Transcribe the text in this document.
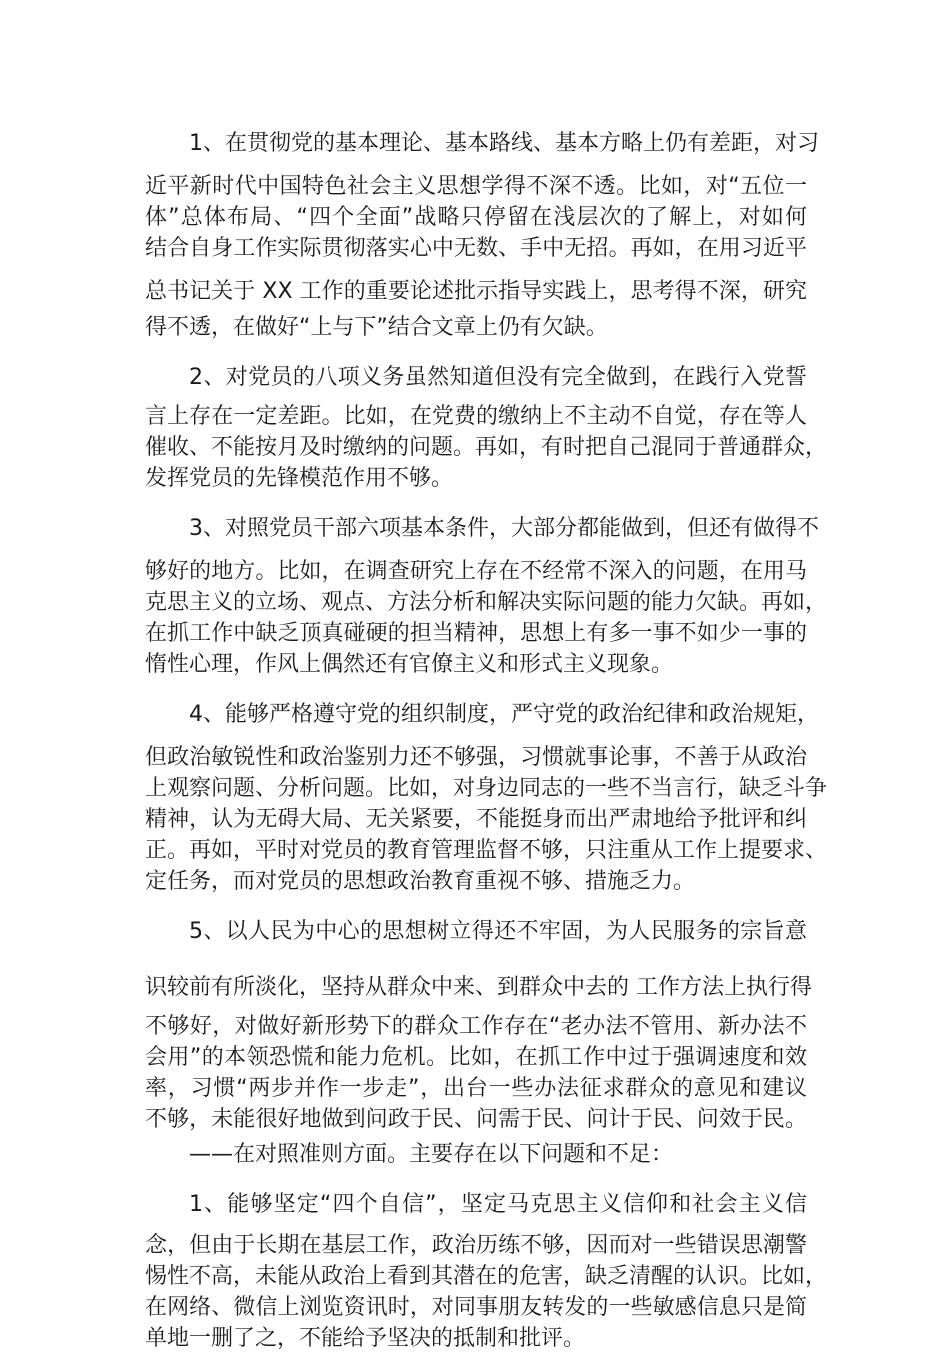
1、在贯彻党的基本理论、基本路线、基本方略上仍有差距，对习
近平新时代中国特色社会主义思想学得不深不透。比如，对“五位一
体”总体布局、“四个全面”战略只停留在浅层次的了解上，对如何
结合自身工作实际贯彻落实心中无数、手中无招。再如，在用习近平
总书记关于 XX 工作的重要论述批示指导实践上，思考得不深，研究
得不透，在做好“上与下”结合文章上仍有欠缺。
2、对党员的八项义务虽然知道但没有完全做到，在践行入党誓
言上存在一定差距。比如，在党费的缴纳上不主动不自觉，存在等人
催收、不能按月及时缴纳的问题。再如，有时把自己混同于普通群众，
发挥党员的先锋模范作用不够。
3、对照党员干部六项基本条件，大部分都能做到，但还有做得不
够好的地方。比如，在调查研究上存在不经常不深入的问题，在用马
克思主义的立场、观点、方法分析和解决实际问题的能力欠缺。再如，
在抓工作中缺乏顶真碰硬的担当精神，思想上有多一事不如少一事的
惰性心理，作风上偶然还有官僚主义和形式主义现象。
4、能够严格遵守党的组织制度，严守党的政治纪律和政治规矩，
但政治敏锐性和政治鉴别力还不够强，习惯就事论事，不善于从政治
上观察问题、分析问题。比如，对身边同志的一些不当言行，缺乏斗争
精神，认为无碍大局、无关紧要，不能挺身而出严肃地给予批评和纠
正。再如，平时对党员的教育管理监督不够，只注重从工作上提要求、
定任务，而对党员的思想政治教育重视不够、措施乏力。
5、以人民为中心的思想树立得还不牢固，为人民服务的宗旨意
识较前有所淡化，坚持从群众中来、到群众中去的 工作方法上执行得
不够好，对做好新形势下的群众工作存在“老办法不管用、新办法不
会用”的本领恐慌和能力危机。比如，在抓工作中过于强调速度和效
率，习惯“两步并作一步走”，出台一些办法征求群众的意见和建议
不够，未能很好地做到问政于民、问需于民、问计于民、问效于民。
——在对照准则方面。主要存在以下问题和不足：
1、能够坚定“四个自信”，坚定马克思主义信仰和社会主义信
念，但由于长期在基层工作，政治历练不够，因而对一些错误思潮警
惕性不高，未能从政治上看到其潜在的危害，缺乏清醒的认识。比如，
在网络、微信上浏览资讯时，对同事朋友转发的一些敏感信息只是简
单地一删了之，不能给予坚决的抵制和批评。
